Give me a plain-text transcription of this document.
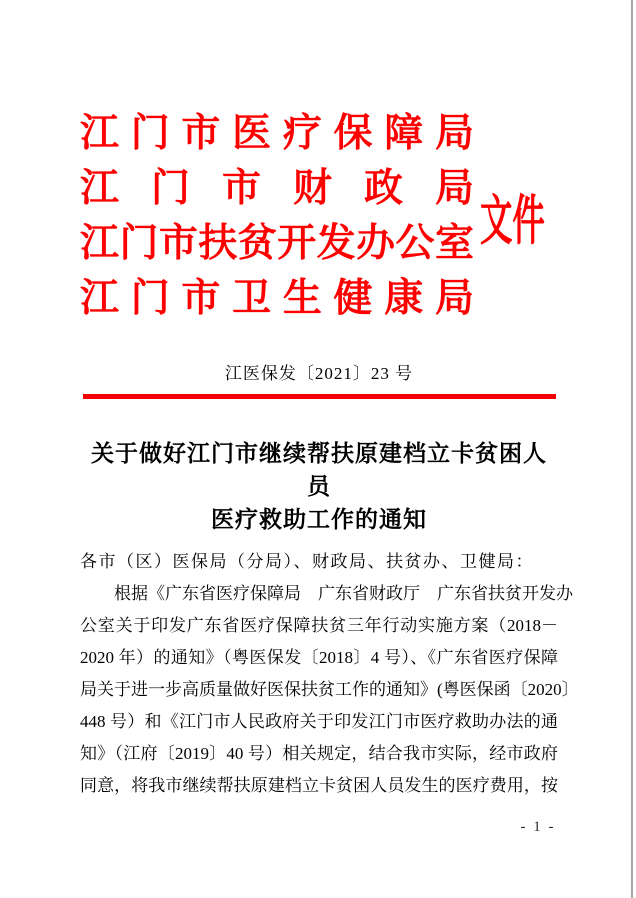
江门市医疗保障局
江门市财政局
江门市扶贫开发办公室
江门市卫生健康局
文件
江医保发〔2021〕23 号
关于做好江门市继续帮扶原建档立卡贫困人员
医疗救助工作的通知
各市（区）医保局（分局）、财政局、扶贫办、卫健局：
根据《广东省医疗保障局　广东省财政厅　广东省扶贫开发办
公室关于印发广东省医疗保障扶贫三年行动实施方案（2018－
2020 年）的通知》（粤医保发〔2018〕4 号）、《广东省医疗保障
局关于进一步高质量做好医保扶贫工作的通知》(粤医保函〔2020〕
448 号）和《江门市人民政府关于印发江门市医疗救助办法的通
知》（江府〔2019〕40 号）相关规定，结合我市实际，经市政府
同意，将我市继续帮扶原建档立卡贫困人员发生的医疗费用，按
- 1 -
